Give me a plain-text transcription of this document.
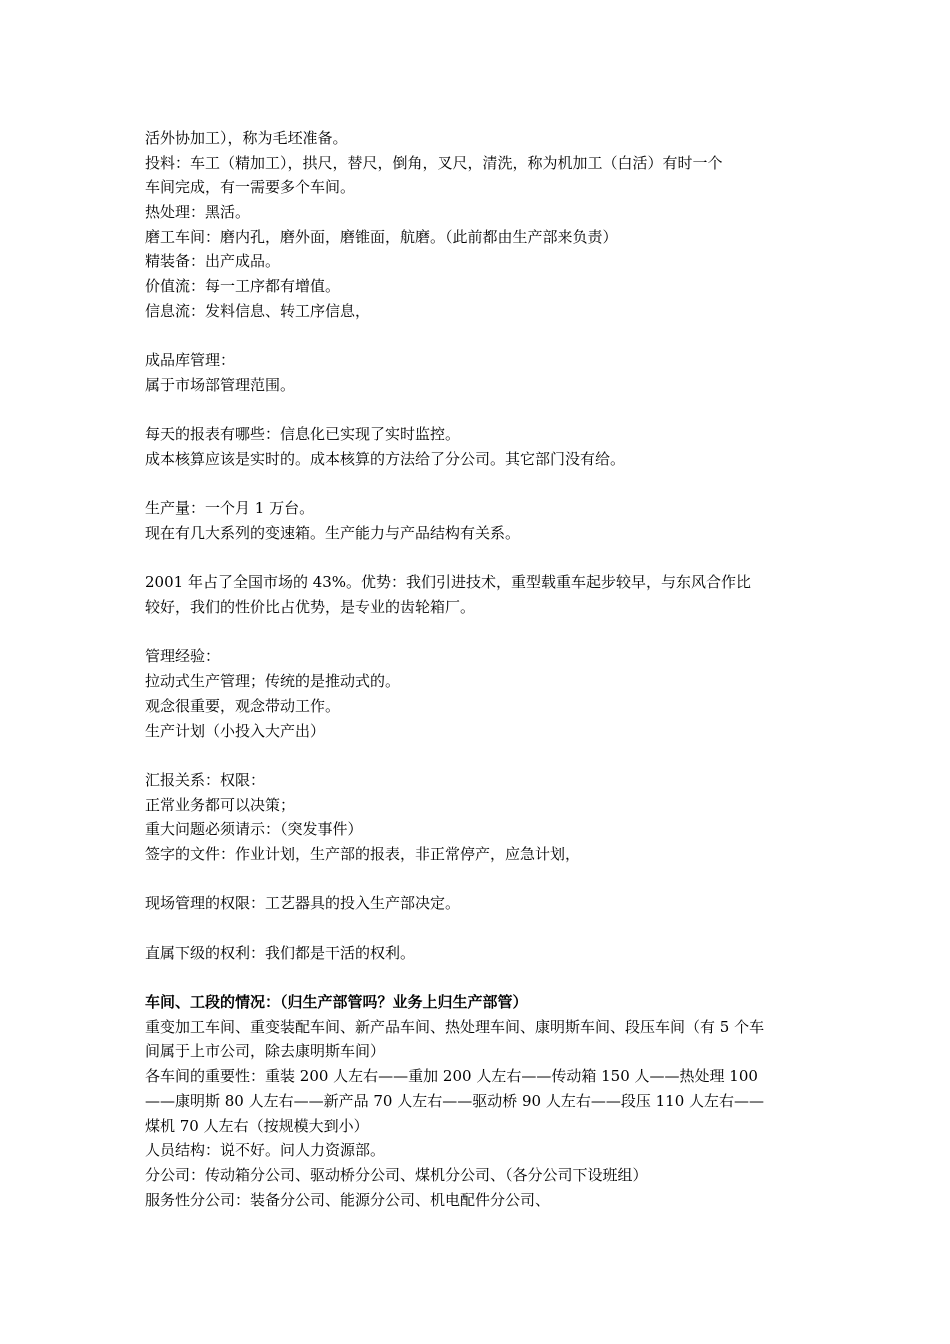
活外协加工），称为毛坯准备。
投料：车工（精加工），拱尺，替尺，倒角，叉尺，清洗，称为机加工（白活）有时一个
车间完成，有一需要多个车间。
热处理：黑活。
磨工车间：磨内孔，磨外面，磨锥面，航磨。（此前都由生产部来负责）
精装备：出产成品。
价值流：每一工序都有增值。
信息流：发料信息、转工序信息，
成品库管理：
属于市场部管理范围。
每天的报表有哪些：信息化已实现了实时监控。
成本核算应该是实时的。成本核算的方法给了分公司。其它部门没有给。
生产量：一个月 1 万台。
现在有几大系列的变速箱。生产能力与产品结构有关系。
2001 年占了全国市场的 43%。优势：我们引进技术，重型载重车起步较早，与东风合作比
较好，我们的性价比占优势，是专业的齿轮箱厂。
管理经验：
拉动式生产管理；传统的是推动式的。
观念很重要，观念带动工作。
生产计划（小投入大产出）
汇报关系：权限：
正常业务都可以决策；
重大问题必须请示：（突发事件）
签字的文件：作业计划，生产部的报表，非正常停产，应急计划，
现场管理的权限：工艺器具的投入生产部决定。
直属下级的权利：我们都是干活的权利。
车间、工段的情况：（归生产部管吗？业务上归生产部管）
重变加工车间、重变装配车间、新产品车间、热处理车间、康明斯车间、段压车间（有 5 个车
间属于上市公司，除去康明斯车间）
各车间的重要性：重装 200 人左右——重加 200 人左右——传动箱 150 人——热处理 100
——康明斯 80 人左右——新产品 70 人左右——驱动桥 90 人左右——段压 110 人左右——
煤机 70 人左右（按规模大到小）
人员结构：说不好。问人力资源部。
分公司：传动箱分公司、驱动桥分公司、煤机分公司、（各分公司下设班组）
服务性分公司：装备分公司、能源分公司、机电配件分公司、
